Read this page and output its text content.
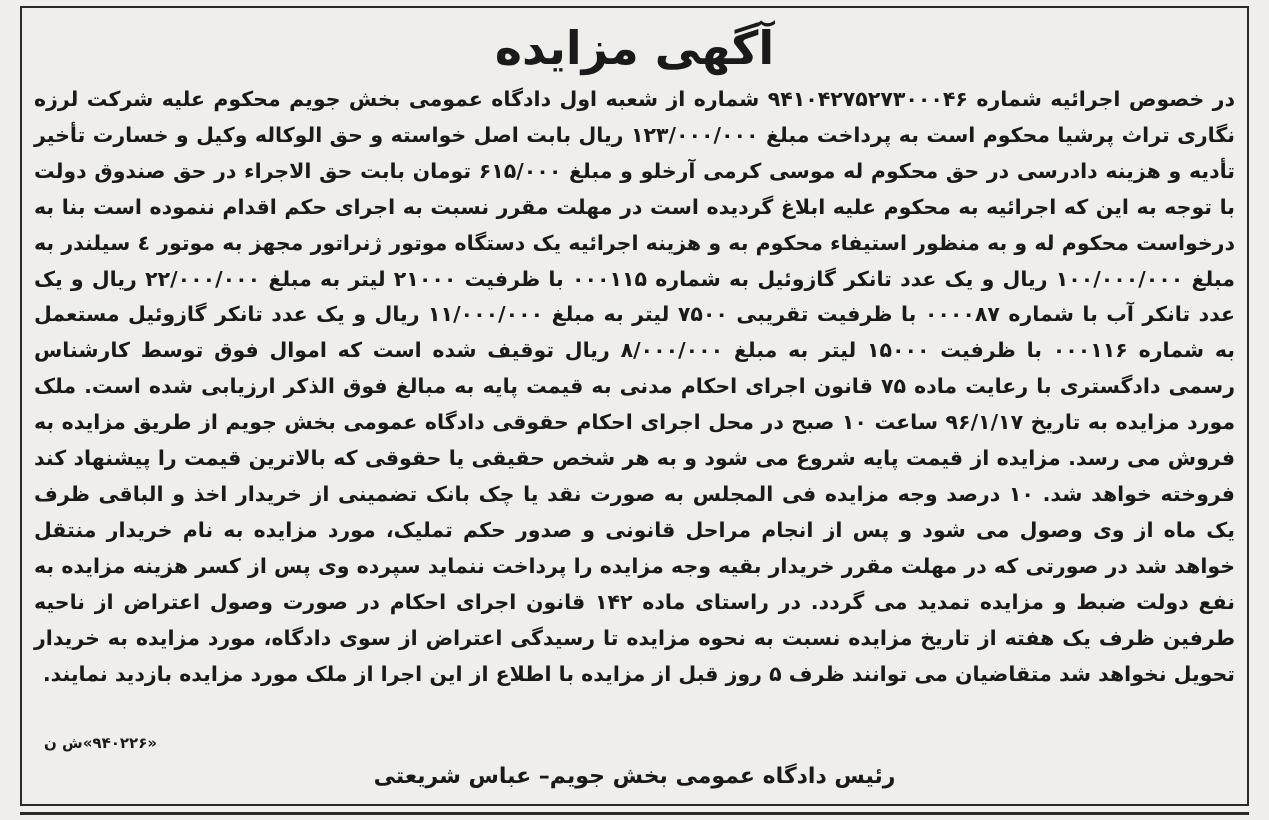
آگهی مزایده
در خصوص اجرائیه شماره ۹۴۱۰۴۲۷۵۲۷۳۰۰۰۴۶ شماره از شعبه اول دادگاه عمومی بخش جویم محکوم علیه شرکت لرزه نگاری تراث پرشیا محکوم است به پرداخت مبلغ ۱۲۳/۰۰۰/۰۰۰ ریال بابت اصل خواسته و حق الوکاله وکیل و خسارت تأخیر تأدیه و هزینه دادرسی در حق محکوم له موسی کرمی آرخلو و مبلغ ۶۱۵/۰۰۰ تومان بابت حق الاجراء در حق صندوق دولت با توجه به این که اجرائیه به محکوم علیه ابلاغ گردیده است در مهلت مقرر نسبت به اجرای حکم اقدام ننموده است بنا به درخواست محکوم له و به منظور استیفاء محکوم به و هزینه اجرائیه یک دستگاه موتور ژنراتور مجهز به موتور ٤ سیلندر به مبلغ ۱۰۰/۰۰۰/۰۰۰ ریال و یک عدد تانکر گازوئیل به شماره ۰۰۰۱۱۵ با ظرفیت ۲۱۰۰۰ لیتر به مبلغ ۲۲/۰۰۰/۰۰۰ ریال و یک عدد تانکر آب با شماره ۰۰۰۰۸۷ با ظرفیت تقریبی ۷۵۰۰ لیتر به مبلغ ۱۱/۰۰۰/۰۰۰ ریال و یک عدد تانکر گازوئیل مستعمل به شماره ۰۰۰۱۱۶ با ظرفیت ۱۵۰۰۰ لیتر به مبلغ ۸/۰۰۰/۰۰۰ ریال توقیف شده است که اموال فوق توسط کارشناس رسمی دادگستری با رعایت ماده ۷۵ قانون اجرای احکام مدنی به قیمت پایه به مبالغ فوق الذکر ارزیابی شده است. ملک مورد مزایده به تاریخ ۹۶/۱/۱۷ ساعت ۱۰ صبح در محل اجرای احکام حقوقی دادگاه عمومی بخش جویم از طریق مزایده به فروش می رسد. مزایده از قیمت پایه شروع می شود و به هر شخص حقیقی یا حقوقی که بالاترین قیمت را پیشنهاد کند فروخته خواهد شد. ۱۰ درصد وجه مزایده فی المجلس به صورت نقد یا چک بانک تضمینی از خریدار اخذ و الباقی ظرف یک ماه از وی وصول می شود و پس از انجام مراحل قانونی و صدور حکم تملیک، مورد مزایده به نام خریدار منتقل خواهد شد در صورتی که در مهلت مقرر خریدار بقیه وجه مزایده را پرداخت ننماید سپرده وی پس از کسر هزینه مزایده به نفع دولت ضبط و مزایده تمدید می گردد. در راستای ماده ۱۴۲ قانون اجرای احکام در صورت وصول اعتراض از ناحیه طرفین ظرف یک هفته از تاریخ مزایده نسبت به نحوه مزایده تا رسیدگی اعتراض از سوی دادگاه، مورد مزایده به خریدار تحویل نخواهد شد متقاضیان می توانند ظرف ۵ روز قبل از مزایده با اطلاع از این اجرا از ملک مورد مزایده بازدید نمایند.
«۹۴۰۲۲۶»ش ن
رئیس دادگاه عمومی بخش جویم– عباس شریعتی
